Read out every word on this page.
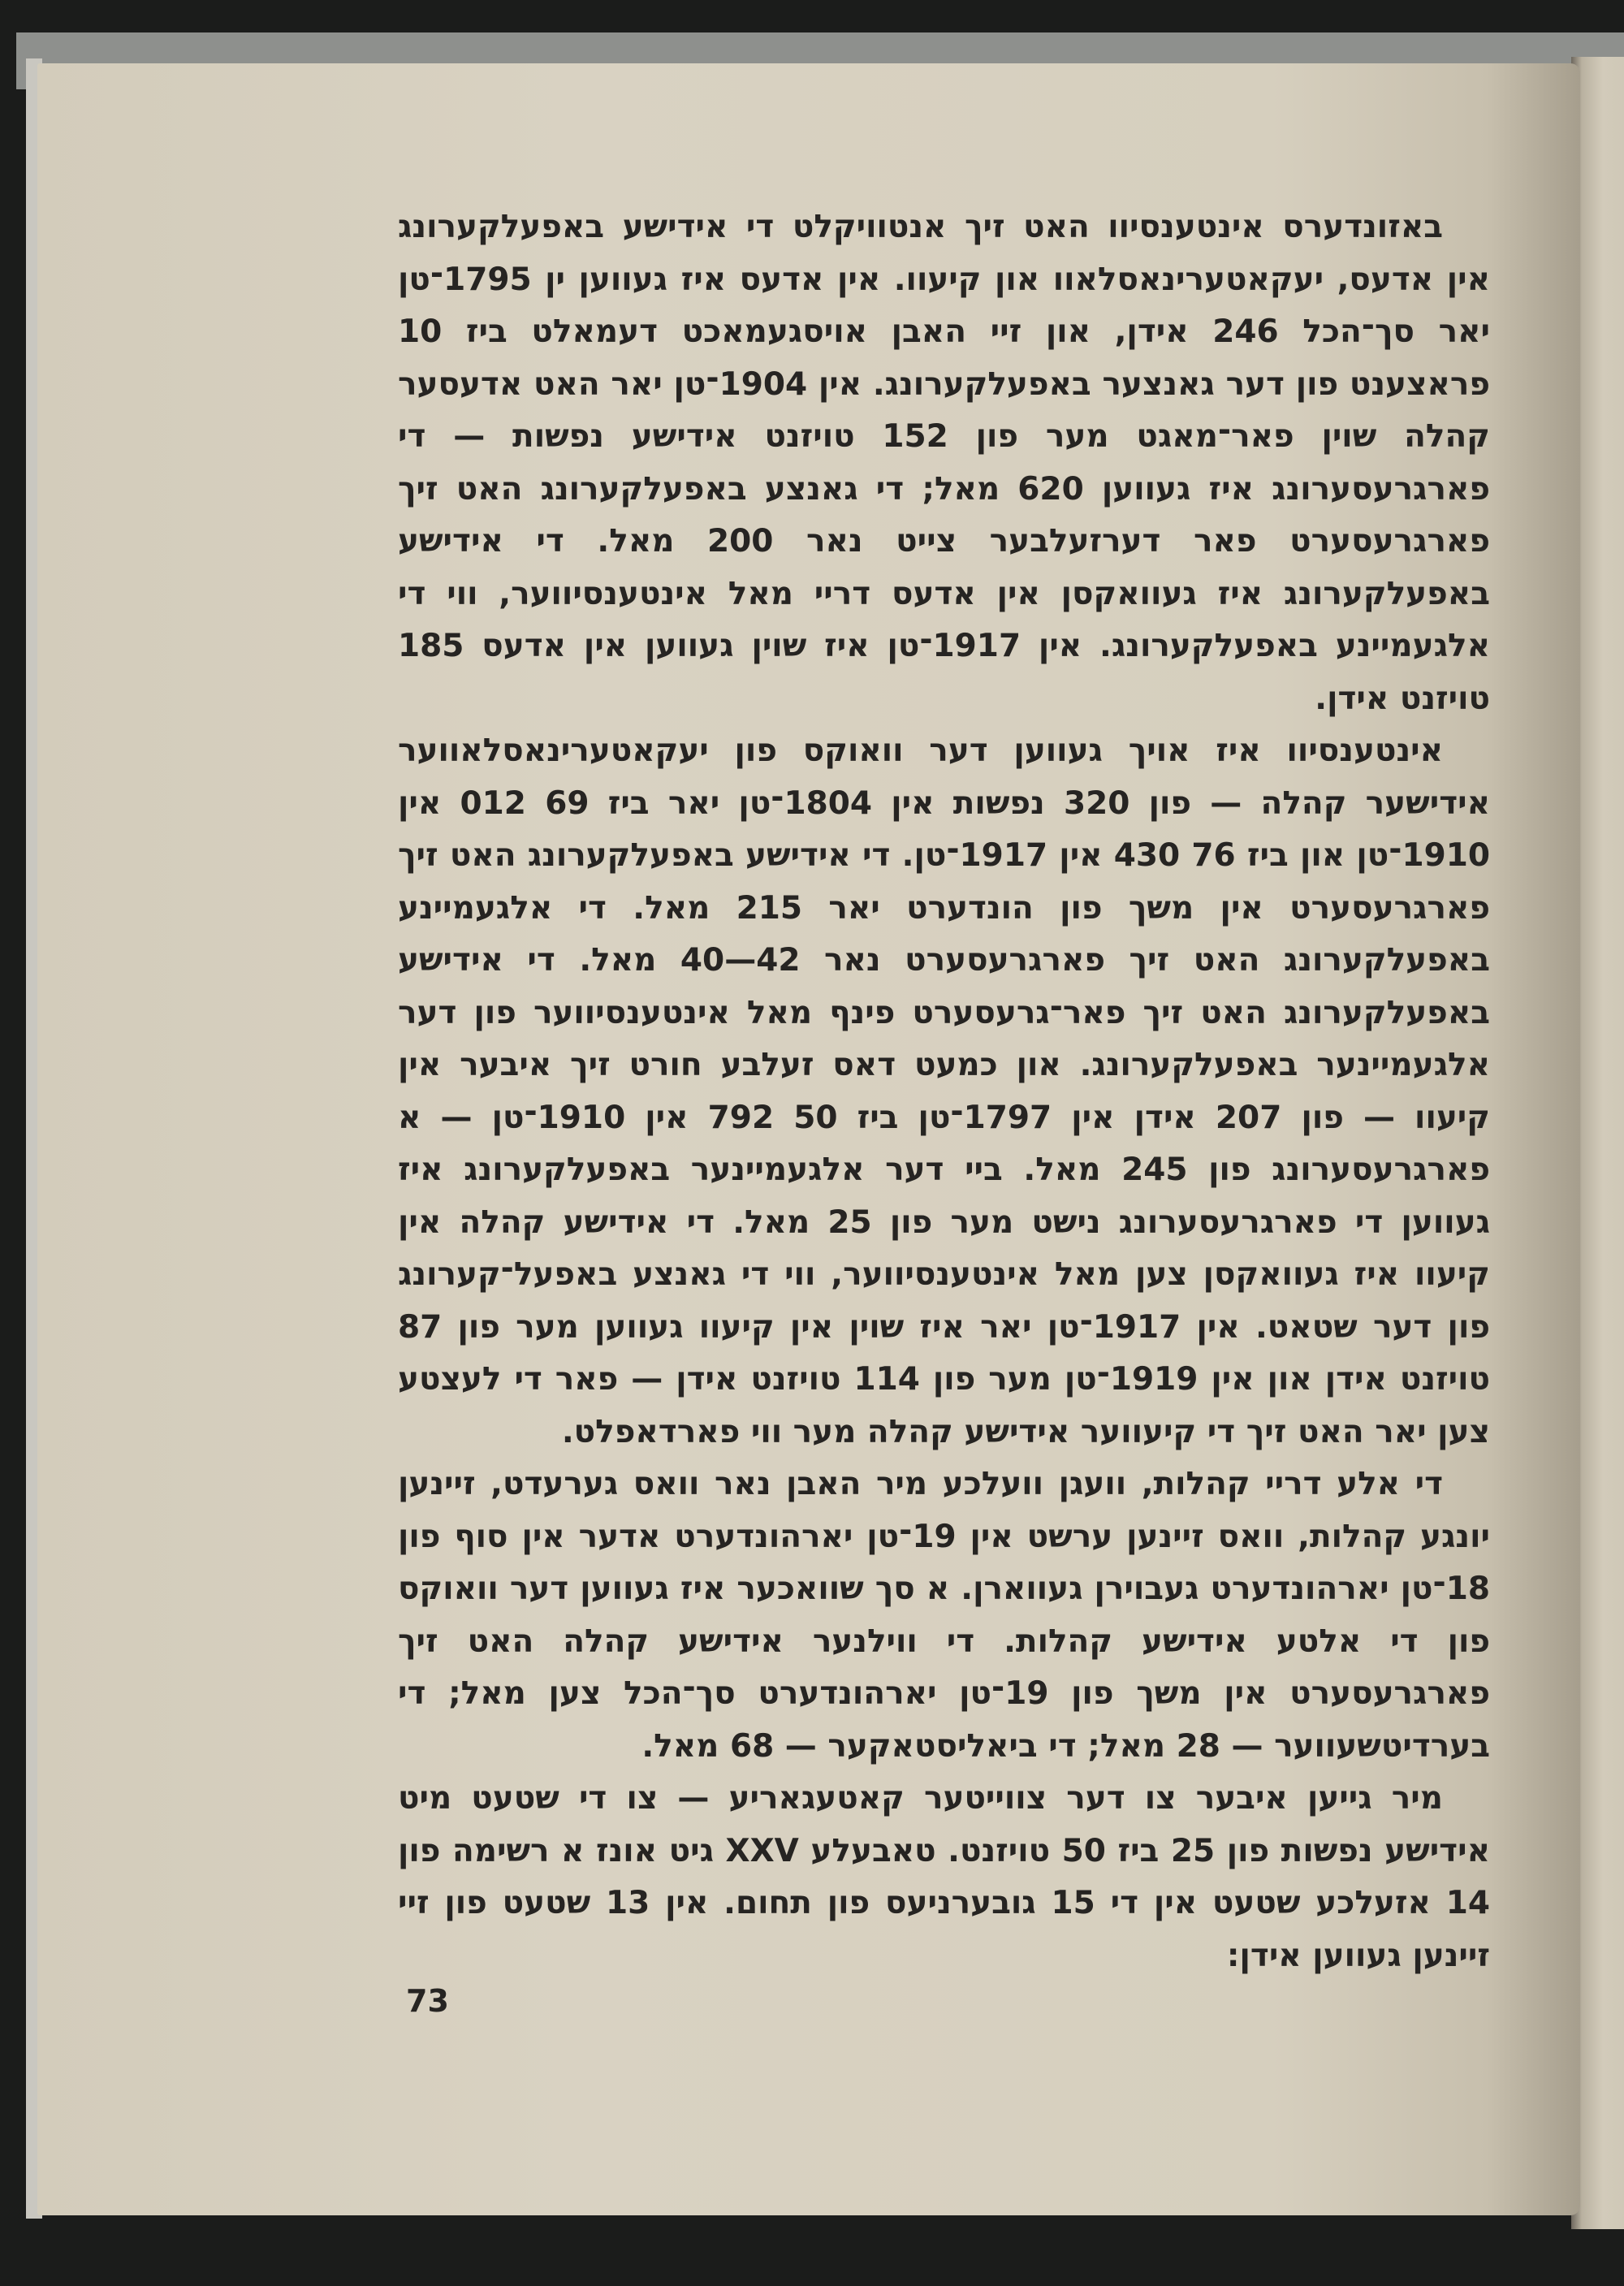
באזונדערס אינטענסיוו האט זיך אנטוויקלט די אידישע באפעלקערונג אין אדעס, יעקאטערינאסלאוו און קיעוו. אין אדעס איז געווען ין 1795־טן יאר סך־הכל 246 אידן, און זיי האבן אויסגעמאכט דעמאלט ביז 10 פראצענט פון דער גאנצער באפעלקערונג. אין 1904־טן יאר האט אדעסער קהלה שוין פאר־מאגט מער פון 152 טויזנט אידישע נפשות — די פארגרעסערונג איז געווען 620 מאל; די גאנצע באפעלקערונג האט זיך פארגרעסערט פאר דערזעלבער צייט נאר 200 מאל. די אידישע באפעלקערונג איז געוואקסן אין אדעס דריי מאל אינטענסיווער, ווי די אלגעמיינע באפעלקערונג. אין 1917־טן איז שוין געווען אין אדעס 185 טויזנט אידן.

אינטענסיוו איז אויך געווען דער וואוקס פון יעקאטערינאסלאווער אידישער קהלה — פון 320 נפשות אין 1804־טן יאר ביז 69 012 אין 1910־טן און ביז 76 430 אין 1917־טן. די אידישע באפעלקערונג האט זיך פארגרעסערט אין משך פון הונדערט יאר 215 מאל. די אלגעמיינע באפעלקערונג האט זיך פארגרעסערט נאר 42—40 מאל. די אידישע באפעלקערונג האט זיך פאר־גרעסערט פינף מאל אינטענסיווער פון דער אלגעמיינער באפעלקערונג. און כמעט דאס זעלבע חורט זיך איבער אין קיעוו — פון 207 אידן אין 1797־טן ביז 50 792 אין 1910־טן — א פארגרעסערונג פון 245 מאל. ביי דער אלגעמיינער באפעלקערונג איז געווען די פארגרעסערונג נישט מער פון 25 מאל. די אידישע קהלה אין קיעוו איז געוואקסן צען מאל אינטענסיווער, ווי די גאנצע באפעל־קערונג פון דער שטאט. אין 1917־טן יאר איז שוין אין קיעוו געווען מער פון 87 טויזנט אידן און אין 1919־טן מער פון 114 טויזנט אידן — פאר די לעצטע צען יאר האט זיך די קיעווער אידישע קהלה מער ווי פארדאפלט.

די אלע דריי קהלות, וועגן וועלכע מיר האבן נאר וואס גערעדט, זיינען יונגע קהלות, וואס זיינען ערשט אין 19־טן יארהונדערט אדער אין סוף פון 18־טן יארהונדערט געבוירן געווארן. א סך שוואכער איז געווען דער וואוקס פון די אלטע אידישע קהלות. די ווילנער אידישע קהלה האט זיך פארגרעסערט אין משך פון 19־טן יארהונדערט סך־הכל צען מאל; די בערדיטשעווער — 28 מאל; די ביאליסטאקער — 68 מאל.

מיר גייען איבער צו דער צווייטער קאטעגאריע — צו די שטעט מיט אידישע נפשות פון 25 ביז 50 טויזנט. טאבעלע XXV גיט אונז א רשימה פון 14 אזעלכע שטעט אין די 15 גובערניעס פון תחום. אין 13 שטעט פון זיי זיינען געווען אידן:

73
